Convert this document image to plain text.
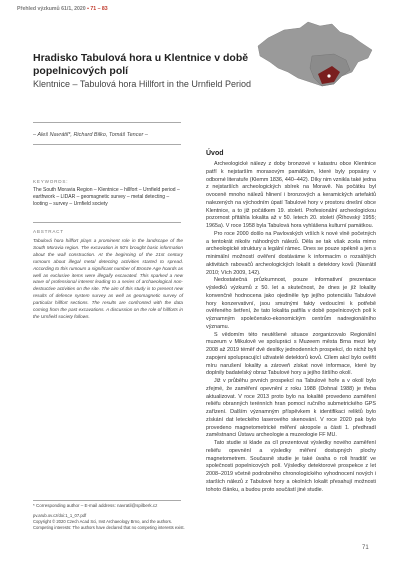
Přehled výzkumů 61/1, 2020 ▪ 71 – 83
Hradisko Tabulová hora u Klentnice v době popelnicových polí
Klentnice – Tabulová hora Hillfort in the Urnfield Period
– Aleš Navrátil*, Richard Bilko, Tomáš Tencer –
KEYWORDS:
The South Moravia Region – Klentnice – hillfort – Urnfield period – earthwork – LIDAR – geomagnetic survey – metal detecting – looting – survey – Urnfield society
ABSTRACT
Tabulová hora hillfort plays a prominent role in the landscape of the South Moravia region. The excavation in 50's brought basic information about the wall construction. At the beginning of the 21st century rumours about illegal metal detecting activities started to spread. According to this rumours a significant number of Bronze Age hoards as well as exclusive items were illegally excavated. This sparked a new wave of professional interest leading to a series of archaeological non-destructive activities on the site. The aim of this study is to present new results of defence system survey as well as geomagnetic survey of particular hillfort sections. The results are confronted with the data coming from the past excavations. A discussion on the role of hillforts in the Urnfield society follows.
* Corresponding author – E-mail address: navratil@spilberk.cz
pv.arub.ov.cz/doi:1_1_07.pdf
Copyright © 2020 Czech Acad Sci, Inst Archaeology Brno, and the authors.
Competing interests: The authors have declared that no competing interests exist.
Úvod

Archeologické nálezy z doby bronzové v katastru obce Klentnice patří k nejstarším morasovým památkám, které byly popsány v odborné literatuře (Klemm 1836, 440–442). Díky nim vznikla také jedna z nejstarších archeologických sbírek na Moravě. Na počátku byl ovoceně mnoho nálezů hlinení i bronzových a keramických artefaktů nalezených na východním úpatí Tabulové hory v prostoru dnešní obce Klentnice, a to již počátkem 19. století. Profesionální archeologickou pozornost přitáhla lokalita až v 50. letech 20. století (Říhovský 1955; 1965a). V roce 1958 byla Tabulová hora vyhlášena kulturní památkou.

Pro roce 2000 došlo na Pavlovských vrších k nové vlně početných a tentokrát nikoliv náhodných nálezů. Děla se tak však zcela mimo archeologické struktury a legální rámec. Dnes se pouze spékně a jen s minimální možností ověření dostáváme k informacím o rozsáhlých aktivitách rabovačů archeologických lokalit s detektory kovů (Navrátil 2010; Vích 2009, 142).

Nedostatečná průzkumnost, pouze informativní prezentace výsledků výzkumů z 50. let a skutečnost, že dnes je jíž lokality konvenčně hodnocena jako ojediněle typ jejího potenciálu Tabulové hory konzervativní, jsou smutnými fakty vedoucími k potřebě ověřeného šetření, že tato lokalita patřila v době popelnicových polí k významným společensko-ekonomickým centrům nadregionálního významu.

S vědomím této neutěšené situace zorganizovalo Regionální muzeum v Mikulově ve spolupráci s Muzeem města Brna mezi lety 2008 až 2019 téměř dvě desítky jednodenních prospekcí, do nichž byli zapojeni spolupracující uživatelé detektorů kovů. Cílem akcí bylo ověřit míru narušení lokality a zároveň získat nové informace, které by doplnily badatelský obraz Tabulové hory a jejího širšího okolí.

Již v průběhu prvních prospekcí na Tabulové hoře a v okolí bylo zřejmé, že zaměření opevnění z roku 1988 (Dohnal 1988) je třeba aktualizovat. V roce 2013 proto bylo na lokalitě provedeno zaměření reliéfu obranných terénních hran pomocí ručního submetrického GPS zařízení. Dalším významným příspěvkem k identifikaci reliktů bylo získání dat leteckého laserového skenování. V roce 2020 pak bylo provedeno magnetometrické měření akropole a části 1. předhradí zaměstnanci Ústavu archeologie a muzeologie FF MU.

Tato studie si klade za cíl prezentovat výsledky nového zaměření reliéfu opevnění a výsledky měření dostupných plochy magnetometrem. Současně studie je také úvaha o roli hradišť ve společnosti popelnicových polí. Výsledky detektorové prospekce z let 2008–2019 včetně podrobného chronologického vyhodnocení nových i starších nálezů z Tabulové hory a okolních lokalit přesahují možnosti tohoto článku, a budou proto součástí jiné studie.

71
